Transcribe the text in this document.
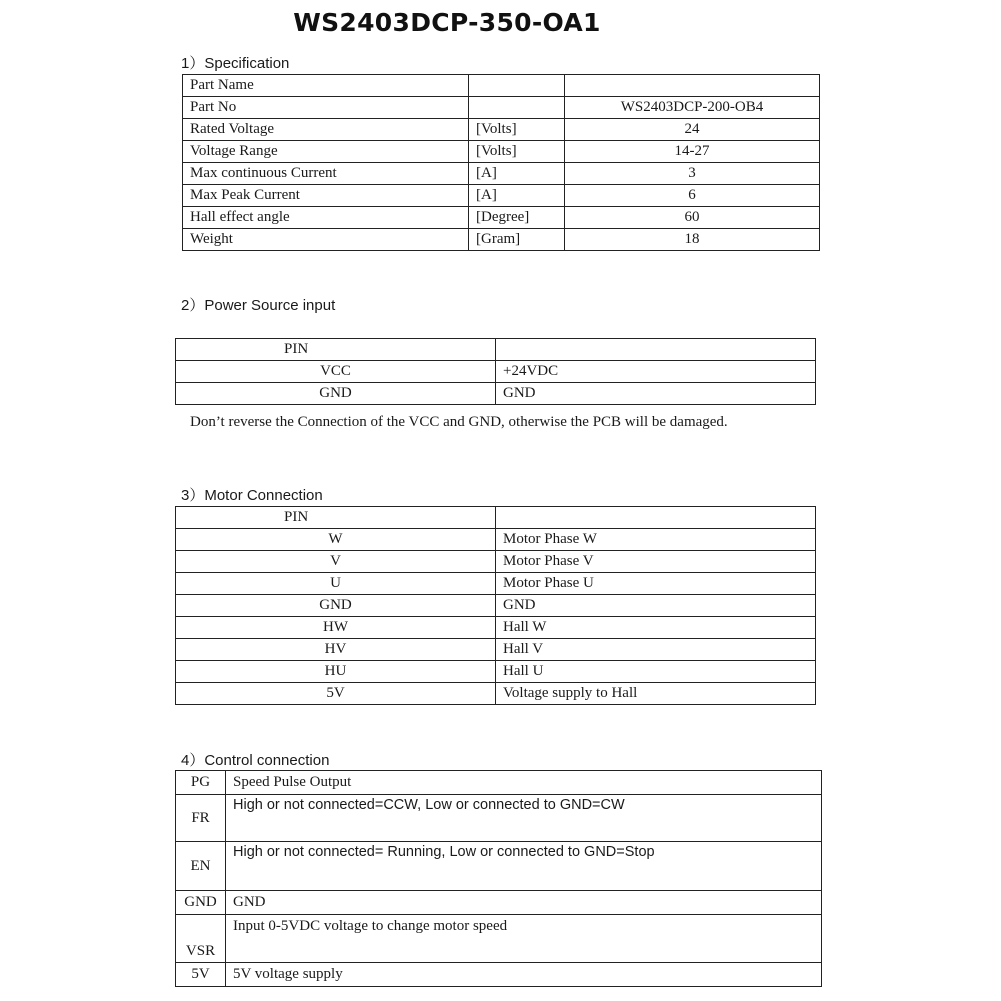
WS2403DCP-350-OA1
1）Specification
Part Name		
Part No		WS2403DCP-200-OB4
Rated Voltage	[Volts]	24
Voltage Range	[Volts]	14-27
Max continuous Current	[A]	3
Max Peak Current	[A]	6
Hall effect angle	[Degree]	60
Weight	[Gram]	18
2）Power Source input
PIN	
VCC	+24VDC
GND	GND
Don’t reverse the Connection of the VCC and GND, otherwise the PCB will be damaged.
3）Motor Connection
PIN	
W	Motor Phase W
V	Motor Phase V
U	Motor Phase U
GND	GND
HW	Hall W
HV	Hall V
HU	Hall U
5V	Voltage supply to Hall
4）Control connection
PG	Speed Pulse Output
FR	High or not connected=CCW, Low or connected to GND=CW
EN	High or not connected= Running, Low or connected to GND=Stop
GND	GND
VSR	Input 0-5VDC voltage to change motor speed
5V	5V voltage supply
